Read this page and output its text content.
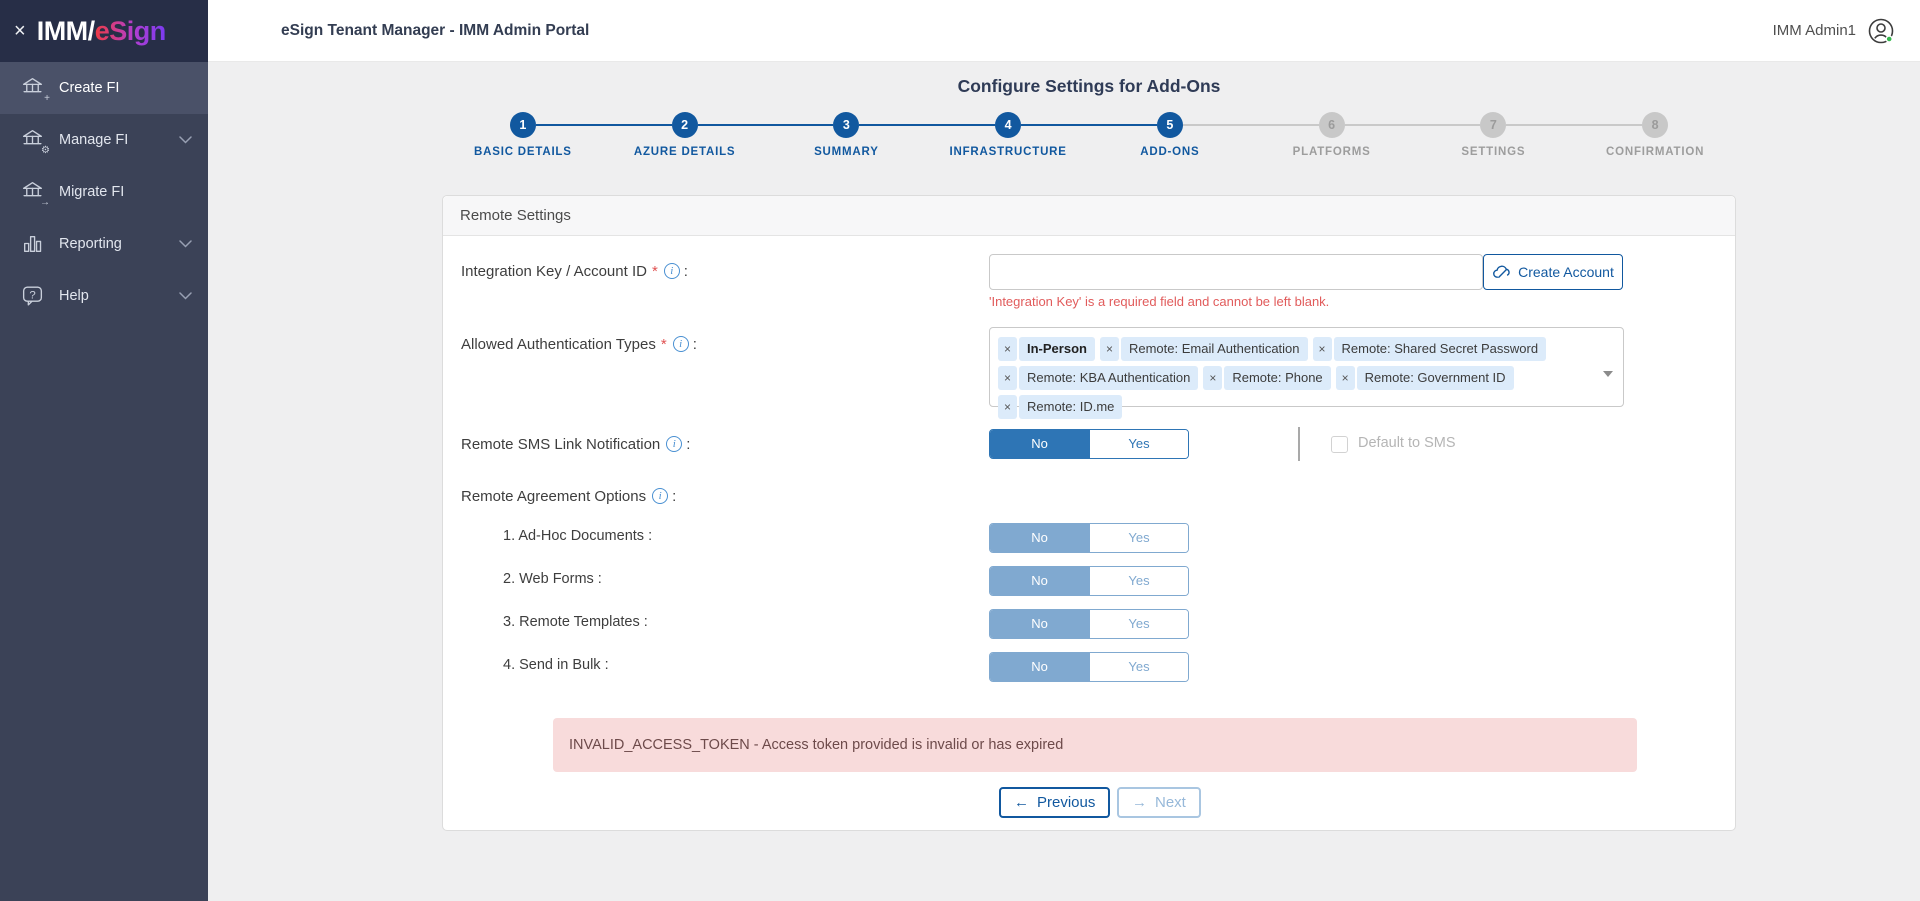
× IMM/eSign
+
Create FI
⚙
Manage FI
→
Migrate FI
Reporting
? Help
eSign Tenant Manager - IMM Admin Portal	IMM Admin1
Configure Settings for Add-Ons
1
BASIC DETAILS
2
AZURE DETAILS
3
SUMMARY
4
INFRASTRUCTURE
5
ADD-ONS
6
PLATFORMS
7
SETTINGS
8
CONFIRMATION
Remote Settings
Integration Key / Account ID *	i :	Create Account
'Integration Key' is a required field and cannot be left blank.
Allowed Authentication Types *	i :	×	In-Person	×	Remote: Email Authentication	×	Remote: Shared Secret Password
×	Remote: KBA Authentication	×	Remote: Phone	×	Remote: Government ID
×	Remote: ID.me
Remote SMS Link Notification	i :	No	Yes	Default to SMS
Remote Agreement Options	i :
1. Ad-Hoc Documents :	No	Yes
2. Web Forms :	No	Yes
3. Remote Templates :	No	Yes
4. Send in Bulk :	No	Yes
INVALID_ACCESS_TOKEN - Access token provided is invalid or has expired
← Previous → Next
